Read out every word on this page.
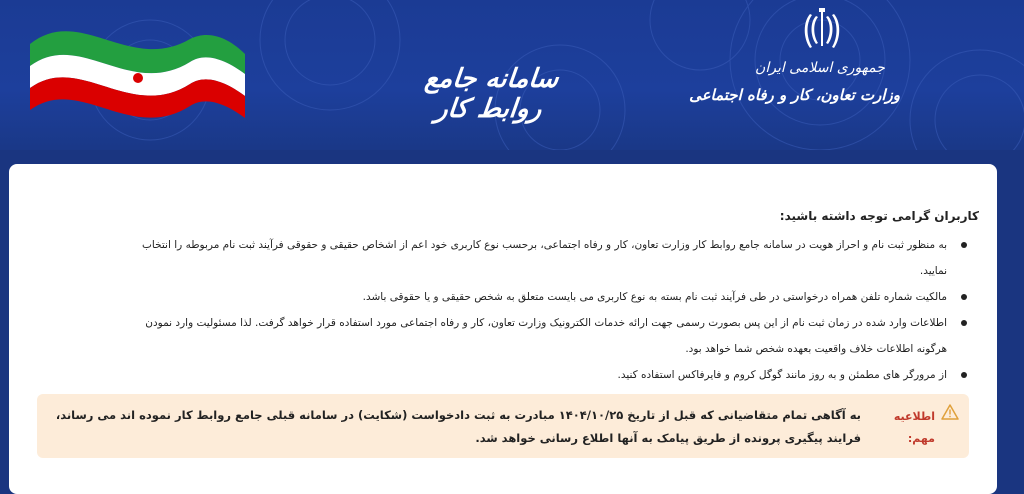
سامانه جامع روابط کار
جمهوری اسلامی ایران
وزارت تعاون، کار و رفاه اجتماعی
کاربران گرامی توجه داشته باشید:
به منظور ثبت نام و احراز هویت در سامانه جامع روابط کار وزارت تعاون، کار و رفاه اجتماعی، برحسب نوع کاربری خود اعم از اشخاص حقیقی و حقوقی فرآیند ثبت نام مربوطه را انتخاب نمایید.
مالکیت شماره تلفن همراه درخواستی در طی فرآیند ثبت نام بسته به نوع کاربری می بایست متعلق به شخص حقیقی و یا حقوقی باشد.
اطلاعات وارد شده در زمان ثبت نام از این پس بصورت رسمی جهت ارائه خدمات الکترونیک وزارت تعاون، کار و رفاه اجتماعی مورد استفاده قرار خواهد گرفت. لذا مسئولیت وارد نمودن هرگونه اطلاعات خلاف واقعیت بعهده شخص شما خواهد بود.
از مرورگر های مطمئن و به روز مانند گوگل کروم و فایرفاکس استفاده کنید.
اطلاعیه مهم:
به آگاهی تمام متقاضیانی که قبل از تاریخ ۱۴۰۴/۱۰/۲۵ مبادرت به ثبت دادخواست (شکایت) در سامانه قبلی جامع روابط کار نموده اند می رساند، فرایند پیگیری پرونده از طریق پیامک به آنها اطلاع رسانی خواهد شد.
